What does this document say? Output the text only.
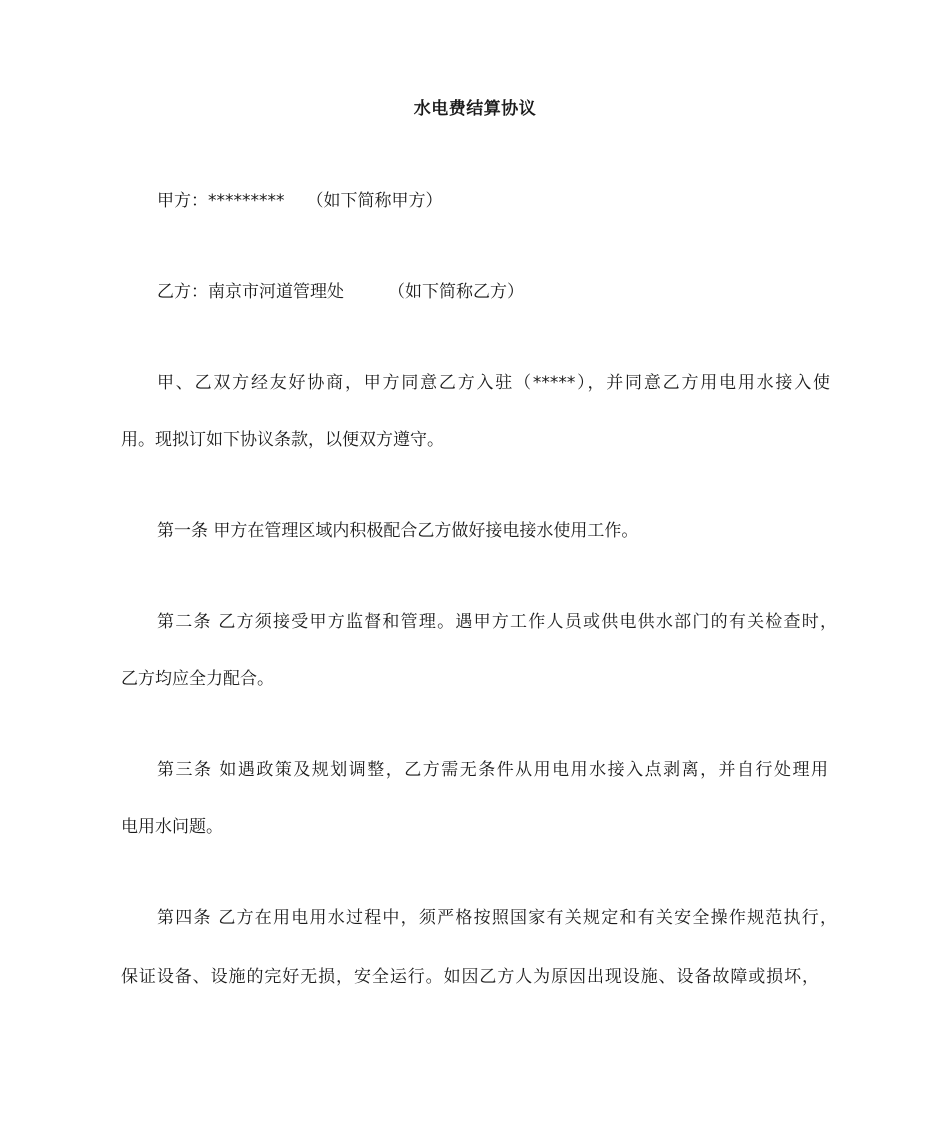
水电费结算协议
甲方：********* （如下简称甲方）
乙方：南京市河道管理处	（如下简称乙方）
甲、乙双方经友好协商，甲方同意乙方入驻（*****），并同意乙方用电用水接入使
用。现拟订如下协议条款，以便双方遵守。
第一条 甲方在管理区域内积极配合乙方做好接电接水使用工作。
第二条 乙方须接受甲方监督和管理。遇甲方工作人员或供电供水部门的有关检查时，
乙方均应全力配合。
第三条 如遇政策及规划调整，乙方需无条件从用电用水接入点剥离，并自行处理用
电用水问题。
第四条 乙方在用电用水过程中，须严格按照国家有关规定和有关安全操作规范执行，
保证设备、设施的完好无损，安全运行。如因乙方人为原因出现设施、设备故障或损坏，
